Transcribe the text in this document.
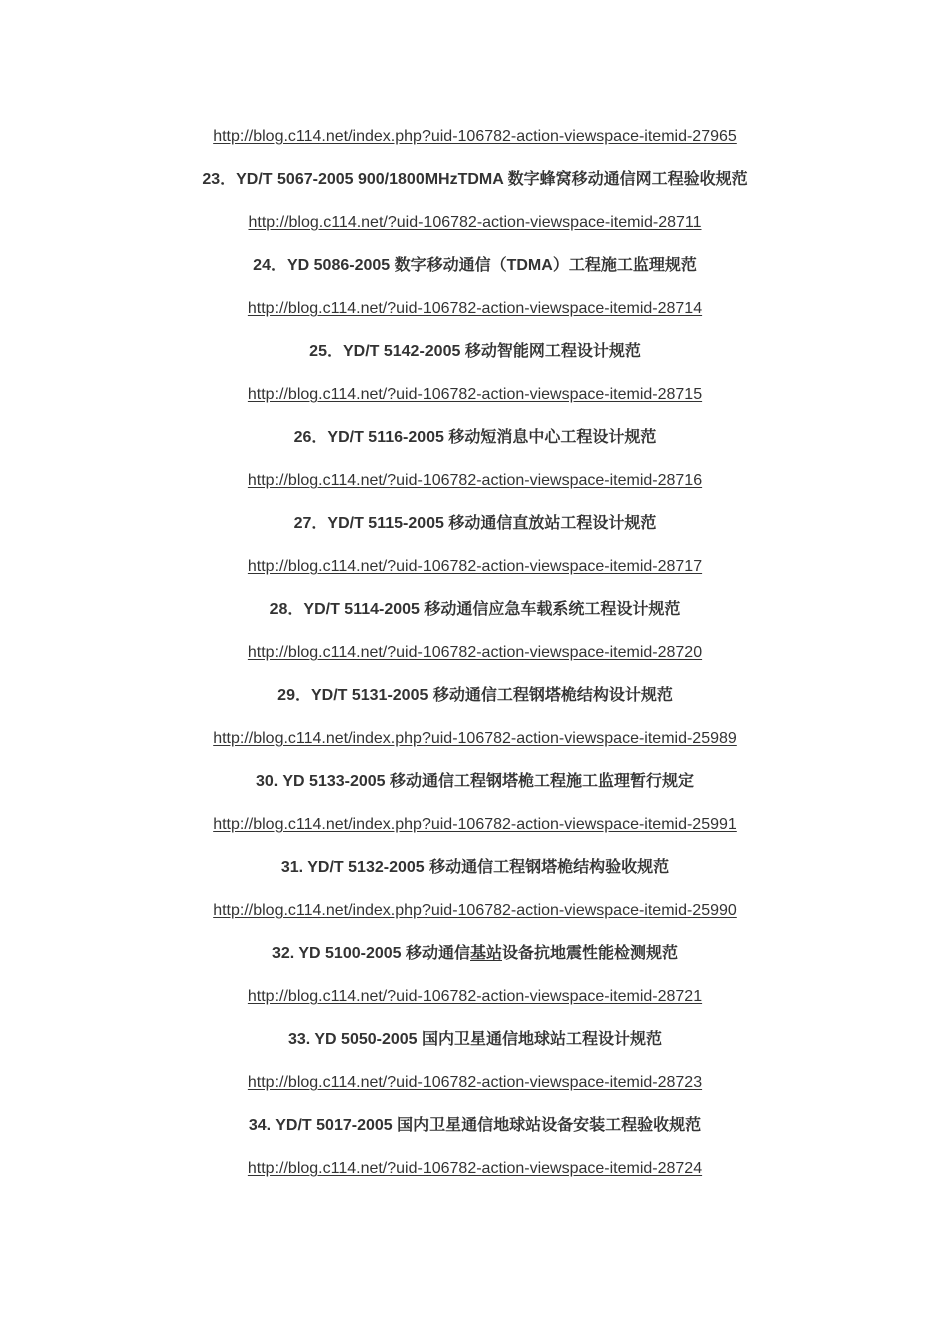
http://blog.c114.net/index.php?uid-106782-action-viewspace-itemid-27965
23．YD/T 5067-2005 900/1800MHzTDMA 数字蜂窝移动通信网工程验收规范
http://blog.c114.net/?uid-106782-action-viewspace-itemid-28711
24．YD 5086-2005 数字移动通信（TDMA）工程施工监理规范
http://blog.c114.net/?uid-106782-action-viewspace-itemid-28714
25．YD/T 5142-2005 移动智能网工程设计规范
http://blog.c114.net/?uid-106782-action-viewspace-itemid-28715
26．YD/T 5116-2005 移动短消息中心工程设计规范
http://blog.c114.net/?uid-106782-action-viewspace-itemid-28716
27．YD/T 5115-2005 移动通信直放站工程设计规范
http://blog.c114.net/?uid-106782-action-viewspace-itemid-28717
28．YD/T 5114-2005 移动通信应急车载系统工程设计规范
http://blog.c114.net/?uid-106782-action-viewspace-itemid-28720
29．YD/T 5131-2005 移动通信工程钢塔桅结构设计规范
http://blog.c114.net/index.php?uid-106782-action-viewspace-itemid-25989
30. YD 5133-2005 移动通信工程钢塔桅工程施工监理暂行规定
http://blog.c114.net/index.php?uid-106782-action-viewspace-itemid-25991
31. YD/T 5132-2005 移动通信工程钢塔桅结构验收规范
http://blog.c114.net/index.php?uid-106782-action-viewspace-itemid-25990
32. YD 5100-2005 移动通信基站设备抗地震性能检测规范
http://blog.c114.net/?uid-106782-action-viewspace-itemid-28721
33. YD 5050-2005 国内卫星通信地球站工程设计规范
http://blog.c114.net/?uid-106782-action-viewspace-itemid-28723
34. YD/T 5017-2005 国内卫星通信地球站设备安装工程验收规范
http://blog.c114.net/?uid-106782-action-viewspace-itemid-28724
